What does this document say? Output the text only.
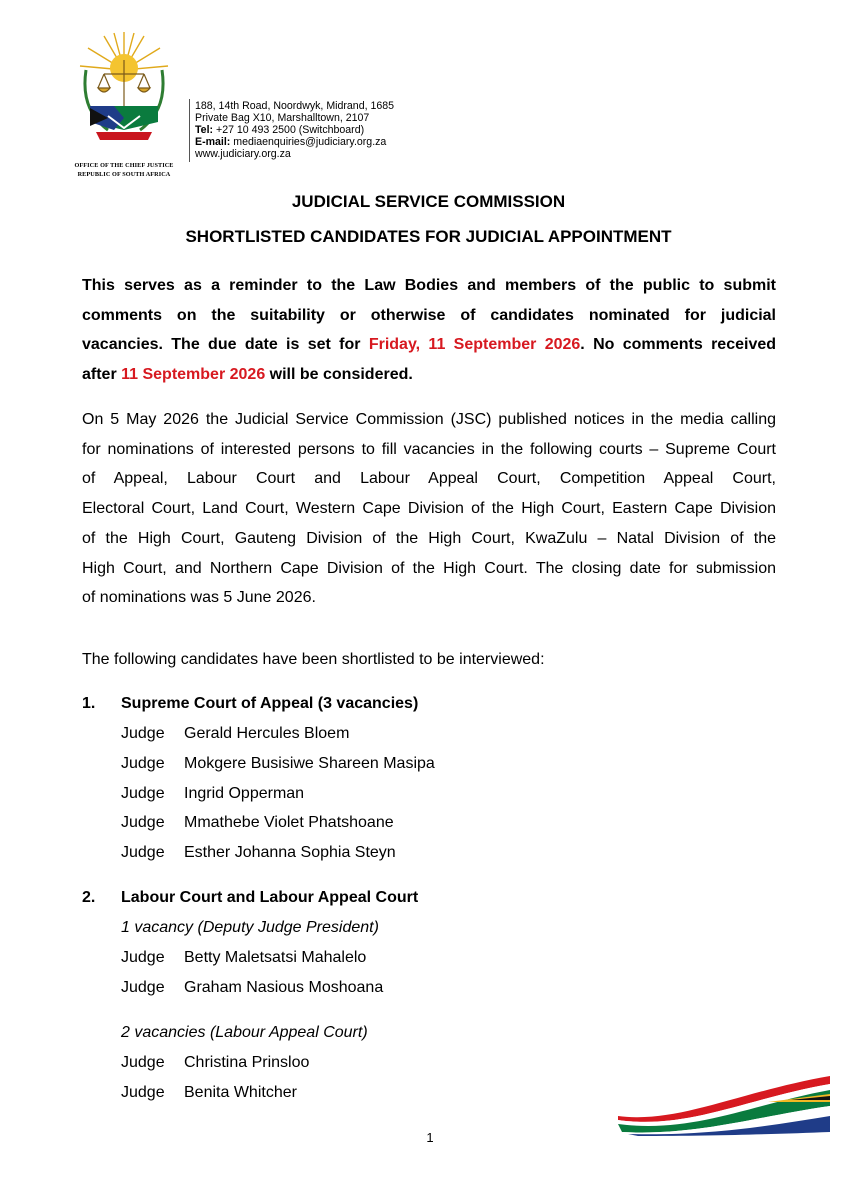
OFFICE OF THE CHIEF JUSTICE
REPUBLIC OF SOUTH AFRICA
188, 14th Road, Noordwyk, Midrand, 1685
Private Bag X10, Marshalltown, 2107
Tel: +27 10 493 2500 (Switchboard)
E-mail: mediaenquiries@judiciary.org.za
www.judiciary.org.za
JUDICIAL SERVICE COMMISSION
SHORTLISTED CANDIDATES FOR JUDICIAL APPOINTMENT
This serves as a reminder to the Law Bodies and members of the public to submit
comments on the suitability or otherwise of candidates nominated for judicial
vacancies. The due date is set for Friday, 11 September 2026. No comments received
after 11 September 2026 will be considered.
On 5 May 2026 the Judicial Service Commission (JSC) published notices in the media calling
for nominations of interested persons to fill vacancies in the following courts – Supreme Court
of Appeal, Labour Court and Labour Appeal Court, Competition Appeal Court,
Electoral Court, Land Court, Western Cape Division of the High Court, Eastern Cape Division
of the High Court, Gauteng Division of the High Court, KwaZulu – Natal Division of the
High Court, and Northern Cape Division of the High Court. The closing date for submission
of nominations was 5 June 2026.
The following candidates have been shortlisted to be interviewed:
1. Supreme Court of Appeal (3 vacancies)
Judge Gerald Hercules Bloem
Judge Mokgere Busisiwe Shareen Masipa
Judge Ingrid Opperman
Judge Mmathebe Violet Phatshoane
Judge Esther Johanna Sophia Steyn
2. Labour Court and Labour Appeal Court
1 vacancy (Deputy Judge President)
Judge Betty Maletsatsi Mahalelo
Judge Graham Nasious Moshoana
2 vacancies (Labour Appeal Court)
Judge Christina Prinsloo
Judge Benita Whitcher
1
